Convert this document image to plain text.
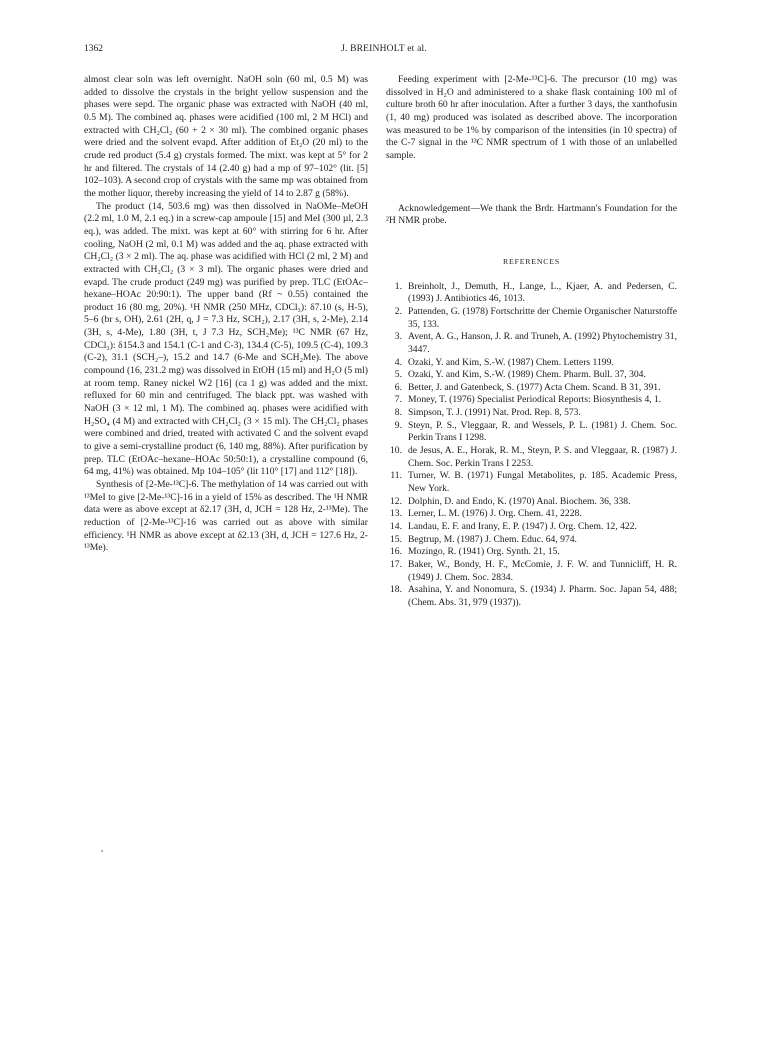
1362	J. BREINHOLT et al.

almost clear soln was left overnight. NaOH soln (60 ml, 0.5 M) was added to dissolve the crystals in the bright yellow suspension and the phases were sepd. The organic phase was extracted with NaOH (40 ml, 0.5 M). The combined aq. phases were acidified (100 ml, 2 M HCl) and extracted with CH₂Cl₂ (60 + 2 × 30 ml). The combined organic phases were dried and the solvent evapd. After addition of Et₂O (20 ml) to the crude red product (5.4 g) crystals formed. The mixt. was kept at 5° for 2 hr and filtered. The crystals of 14 (2.40 g) had a mp of 97–102° (lit. [5] 102–103). A second crop of crystals with the same mp was obtained from the mother liquor, thereby increasing the yield of 14 to 2.87 g (58%).

The product (14, 503.6 mg) was then dissolved in NaOMe–MeOH (2.2 ml, 1.0 M, 2.1 eq.) in a screw-cap ampoule [15] and MeI (300 µl, 2.3 eq.), was added. The mixt. was kept at 60° with stirring for 6 hr. After cooling, NaOH (2 ml, 0.1 M) was added and the aq. phase extracted with CH₂Cl₂ (3 × 2 ml). The aq. phase was acidified with HCl (2 ml, 2 M) and extracted with CH₂Cl₂ (3 × 3 ml). The organic phases were dried and evapd. The crude product (249 mg) was purified by prep. TLC (EtOAc–hexane–HOAc 20:90:1). The upper band (Rf ~ 0.55) contained the product 16 (80 mg, 20%). ¹H NMR (250 MHz, CDCl₃): δ7.10 (s, H-5), 5–6 (br s, OH), 2.61 (2H, q, J = 7.3 Hz, SCH₂), 2.17 (3H, s, 2-Me), 2.14 (3H, s, 4-Me), 1.80 (3H, t, J 7.3 Hz, SCH₂Me); ¹³C NMR (67 Hz, CDCl₃): δ154.3 and 154.1 (C-1 and C-3), 134.4 (C-5), 109.5 (C-4), 109.3 (C-2), 31.1 (SCH₂–), 15.2 and 14.7 (6-Me and SCH₂Me). The above compound (16, 231.2 mg) was dissolved in EtOH (15 ml) and H₂O (5 ml) at room temp. Raney nickel W2 [16] (ca 1 g) was added and the mixt. refluxed for 60 min and centrifuged. The black ppt. was washed with NaOH (3 × 12 ml, 1 M). The combined aq. phases were acidified with H₂SO₄ (4 M) and extracted with CH₂Cl₂ (3 × 15 ml). The CH₂Cl₂ phases were combined and dried, treated with activated C and the solvent evapd to give a semi-crystalline product (6, 140 mg, 88%). After purification by prep. TLC (EtOAc–hexane–HOAc 50:50:1), a crystalline compound (6, 64 mg, 41%) was obtained. Mp 104–105° (lit 110° [17] and 112° [18]).

Synthesis of [2-Me-¹³C]-6. The methylation of 14 was carried out with ¹³MeI to give [2-Me-¹³C]-16 in a yield of 15% as described. The ¹H NMR data were as above except at δ2.17 (3H, d, JCH = 128 Hz, 2-¹³Me). The reduction of [2-Me-¹³C]-16 was carried out as above with similar efficiency. ¹H NMR as above except at δ2.13 (3H, d, JCH = 127.6 Hz, 2-¹³Me).

Feeding experiment with [2-Me-¹³C]-6. The precursor (10 mg) was dissolved in H₂O and administered to a shake flask containing 100 ml of culture broth 60 hr after inoculation. After a further 3 days, the xanthofusin (1, 40 mg) produced was isolated as described above. The incorporation was measured to be 1% by comparison of the intensities (in 10 spectra) of the C-7 signal in the ¹³C NMR spectrum of 1 with those of an unlabelled sample.

Acknowledgement—We thank the Brdr. Hartmann's Foundation for the ²H NMR probe.

REFERENCES
1. Breinholt, J., Demuth, H., Lange, L., Kjaer, A. and Pedersen, C. (1993) J. Antibiotics 46, 1013.
2. Pattenden, G. (1978) Fortschritte der Chemie Organischer Naturstoffe 35, 133.
3. Avent, A. G., Hanson, J. R. and Truneh, A. (1992) Phytochemistry 31, 3447.
4. Ozaki, Y. and Kim, S.-W. (1987) Chem. Letters 1199.
5. Ozaki, Y. and Kim, S.-W. (1989) Chem. Pharm. Bull. 37, 304.
6. Better, J. and Gatenbeck, S. (1977) Acta Chem. Scand. B 31, 391.
7. Money, T. (1976) Specialist Periodical Reports: Biosynthesis 4, 1.
8. Simpson, T. J. (1991) Nat. Prod. Rep. 8, 573.
9. Steyn, P. S., Vleggaar, R. and Wessels, P. L. (1981) J. Chem. Soc. Perkin Trans I 1298.
10. de Jesus, A. E., Horak, R. M., Steyn, P. S. and Vleggaar, R. (1987) J. Chem. Soc. Perkin Trans I 2253.
11. Turner, W. B. (1971) Fungal Metabolites, p. 185. Academic Press, New York.
12. Dolphin, D. and Endo, K. (1970) Anal. Biochem. 36, 338.
13. Lerner, L. M. (1976) J. Org. Chem. 41, 2228.
14. Landau, E. F. and Irany, E. P. (1947) J. Org. Chem. 12, 422.
15. Begtrup, M. (1987) J. Chem. Educ. 64, 974.
16. Mozingo, R. (1941) Org. Synth. 21, 15.
17. Baker, W., Bondy, H. F., McComie, J. F. W. and Tunnicliff, H. R. (1949) J. Chem. Soc. 2834.
18. Asahina, Y. and Nonomura, S. (1934) J. Pharm. Soc. Japan 54, 488; (Chem. Abs. 31, 979 (1937)).
